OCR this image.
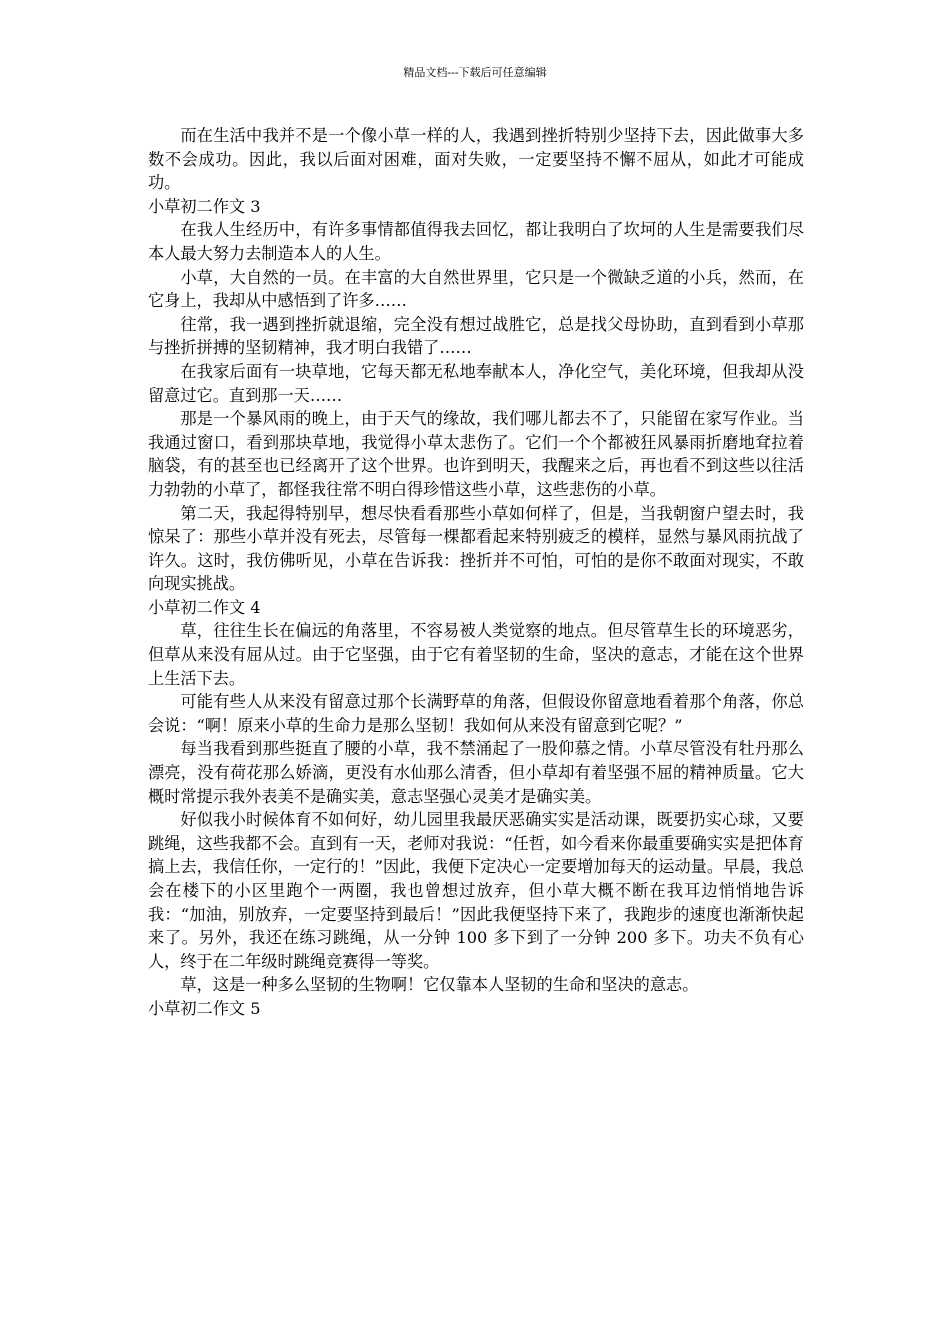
精品文档---下载后可任意编辑

而在生活中我并不是一个像小草一样的人，我遇到挫折特别少坚持下去，因此做事大多数不会成功。因此，我以后面对困难，面对失败，一定要坚持不懈不屈从，如此才可能成功。

小草初二作文 3

在我人生经历中，有许多事情都值得我去回忆，都让我明白了坎坷的人生是需要我们尽本人最大努力去制造本人的人生。

小草，大自然的一员。在丰富的大自然世界里，它只是一个微缺乏道的小兵，然而，在它身上，我却从中感悟到了许多……

往常，我一遇到挫折就退缩，完全没有想过战胜它，总是找父母协助，直到看到小草那与挫折拼搏的坚韧精神，我才明白我错了……

在我家后面有一块草地，它每天都无私地奉献本人，净化空气，美化环境，但我却从没留意过它。直到那一天……

那是一个暴风雨的晚上，由于天气的缘故，我们哪儿都去不了，只能留在家写作业。当我通过窗口，看到那块草地，我觉得小草太悲伤了。它们一个个都被狂风暴雨折磨地耷拉着脑袋，有的甚至也已经离开了这个世界。也许到明天，我醒来之后，再也看不到这些以往活力勃勃的小草了，都怪我往常不明白得珍惜这些小草，这些悲伤的小草。

第二天，我起得特别早，想尽快看看那些小草如何样了，但是，当我朝窗户望去时，我惊呆了：那些小草并没有死去，尽管每一棵都看起来特别疲乏的模样，显然与暴风雨抗战了许久。这时，我仿佛听见，小草在告诉我：挫折并不可怕，可怕的是你不敢面对现实，不敢向现实挑战。

小草初二作文 4

草，往往生长在偏远的角落里，不容易被人类觉察的地点。但尽管草生长的环境恶劣，但草从来没有屈从过。由于它坚强，由于它有着坚韧的生命，坚决的意志，才能在这个世界上生活下去。

可能有些人从来没有留意过那个长满野草的角落，但假设你留意地看着那个角落，你总会说：“啊！原来小草的生命力是那么坚韧！我如何从来没有留意到它呢？”

每当我看到那些挺直了腰的小草，我不禁涌起了一股仰慕之情。小草尽管没有牡丹那么漂亮，没有荷花那么娇滴，更没有水仙那么清香，但小草却有着坚强不屈的精神质量。它大概时常提示我外表美不是确实美，意志坚强心灵美才是确实美。

好似我小时候体育不如何好，幼儿园里我最厌恶确实实是活动课，既要扔实心球，又要跳绳，这些我都不会。直到有一天，老师对我说：“任哲，如今看来你最重要确实实是把体育搞上去，我信任你，一定行的！”因此，我便下定决心一定要增加每天的运动量。早晨，我总会在楼下的小区里跑个一两圈，我也曾想过放弃，但小草大概不断在我耳边悄悄地告诉我：“加油，别放弃，一定要坚持到最后！”因此我便坚持下来了，我跑步的速度也渐渐快起来了。另外，我还在练习跳绳，从一分钟 100 多下到了一分钟 200 多下。功夫不负有心人，终于在二年级时跳绳竞赛得一等奖。

草，这是一种多么坚韧的生物啊！它仅靠本人坚韧的生命和坚决的意志。

小草初二作文 5
